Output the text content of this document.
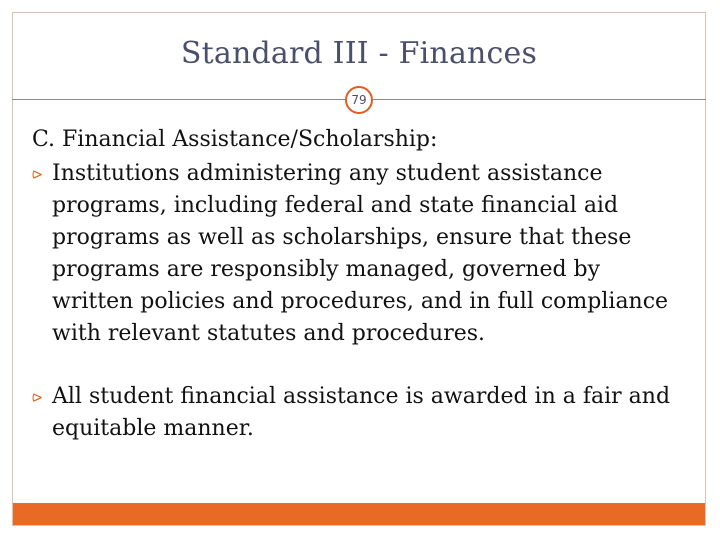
Standard III - Finances
79

C. Financial Assistance/Scholarship:

⪧ Institutions administering any student assistance programs, including federal and state financial aid programs as well as scholarships, ensure that these programs are responsibly managed, governed by written policies and procedures, and in full compliance with relevant statutes and procedures.

⪧ All student financial assistance is awarded in a fair and equitable manner.
